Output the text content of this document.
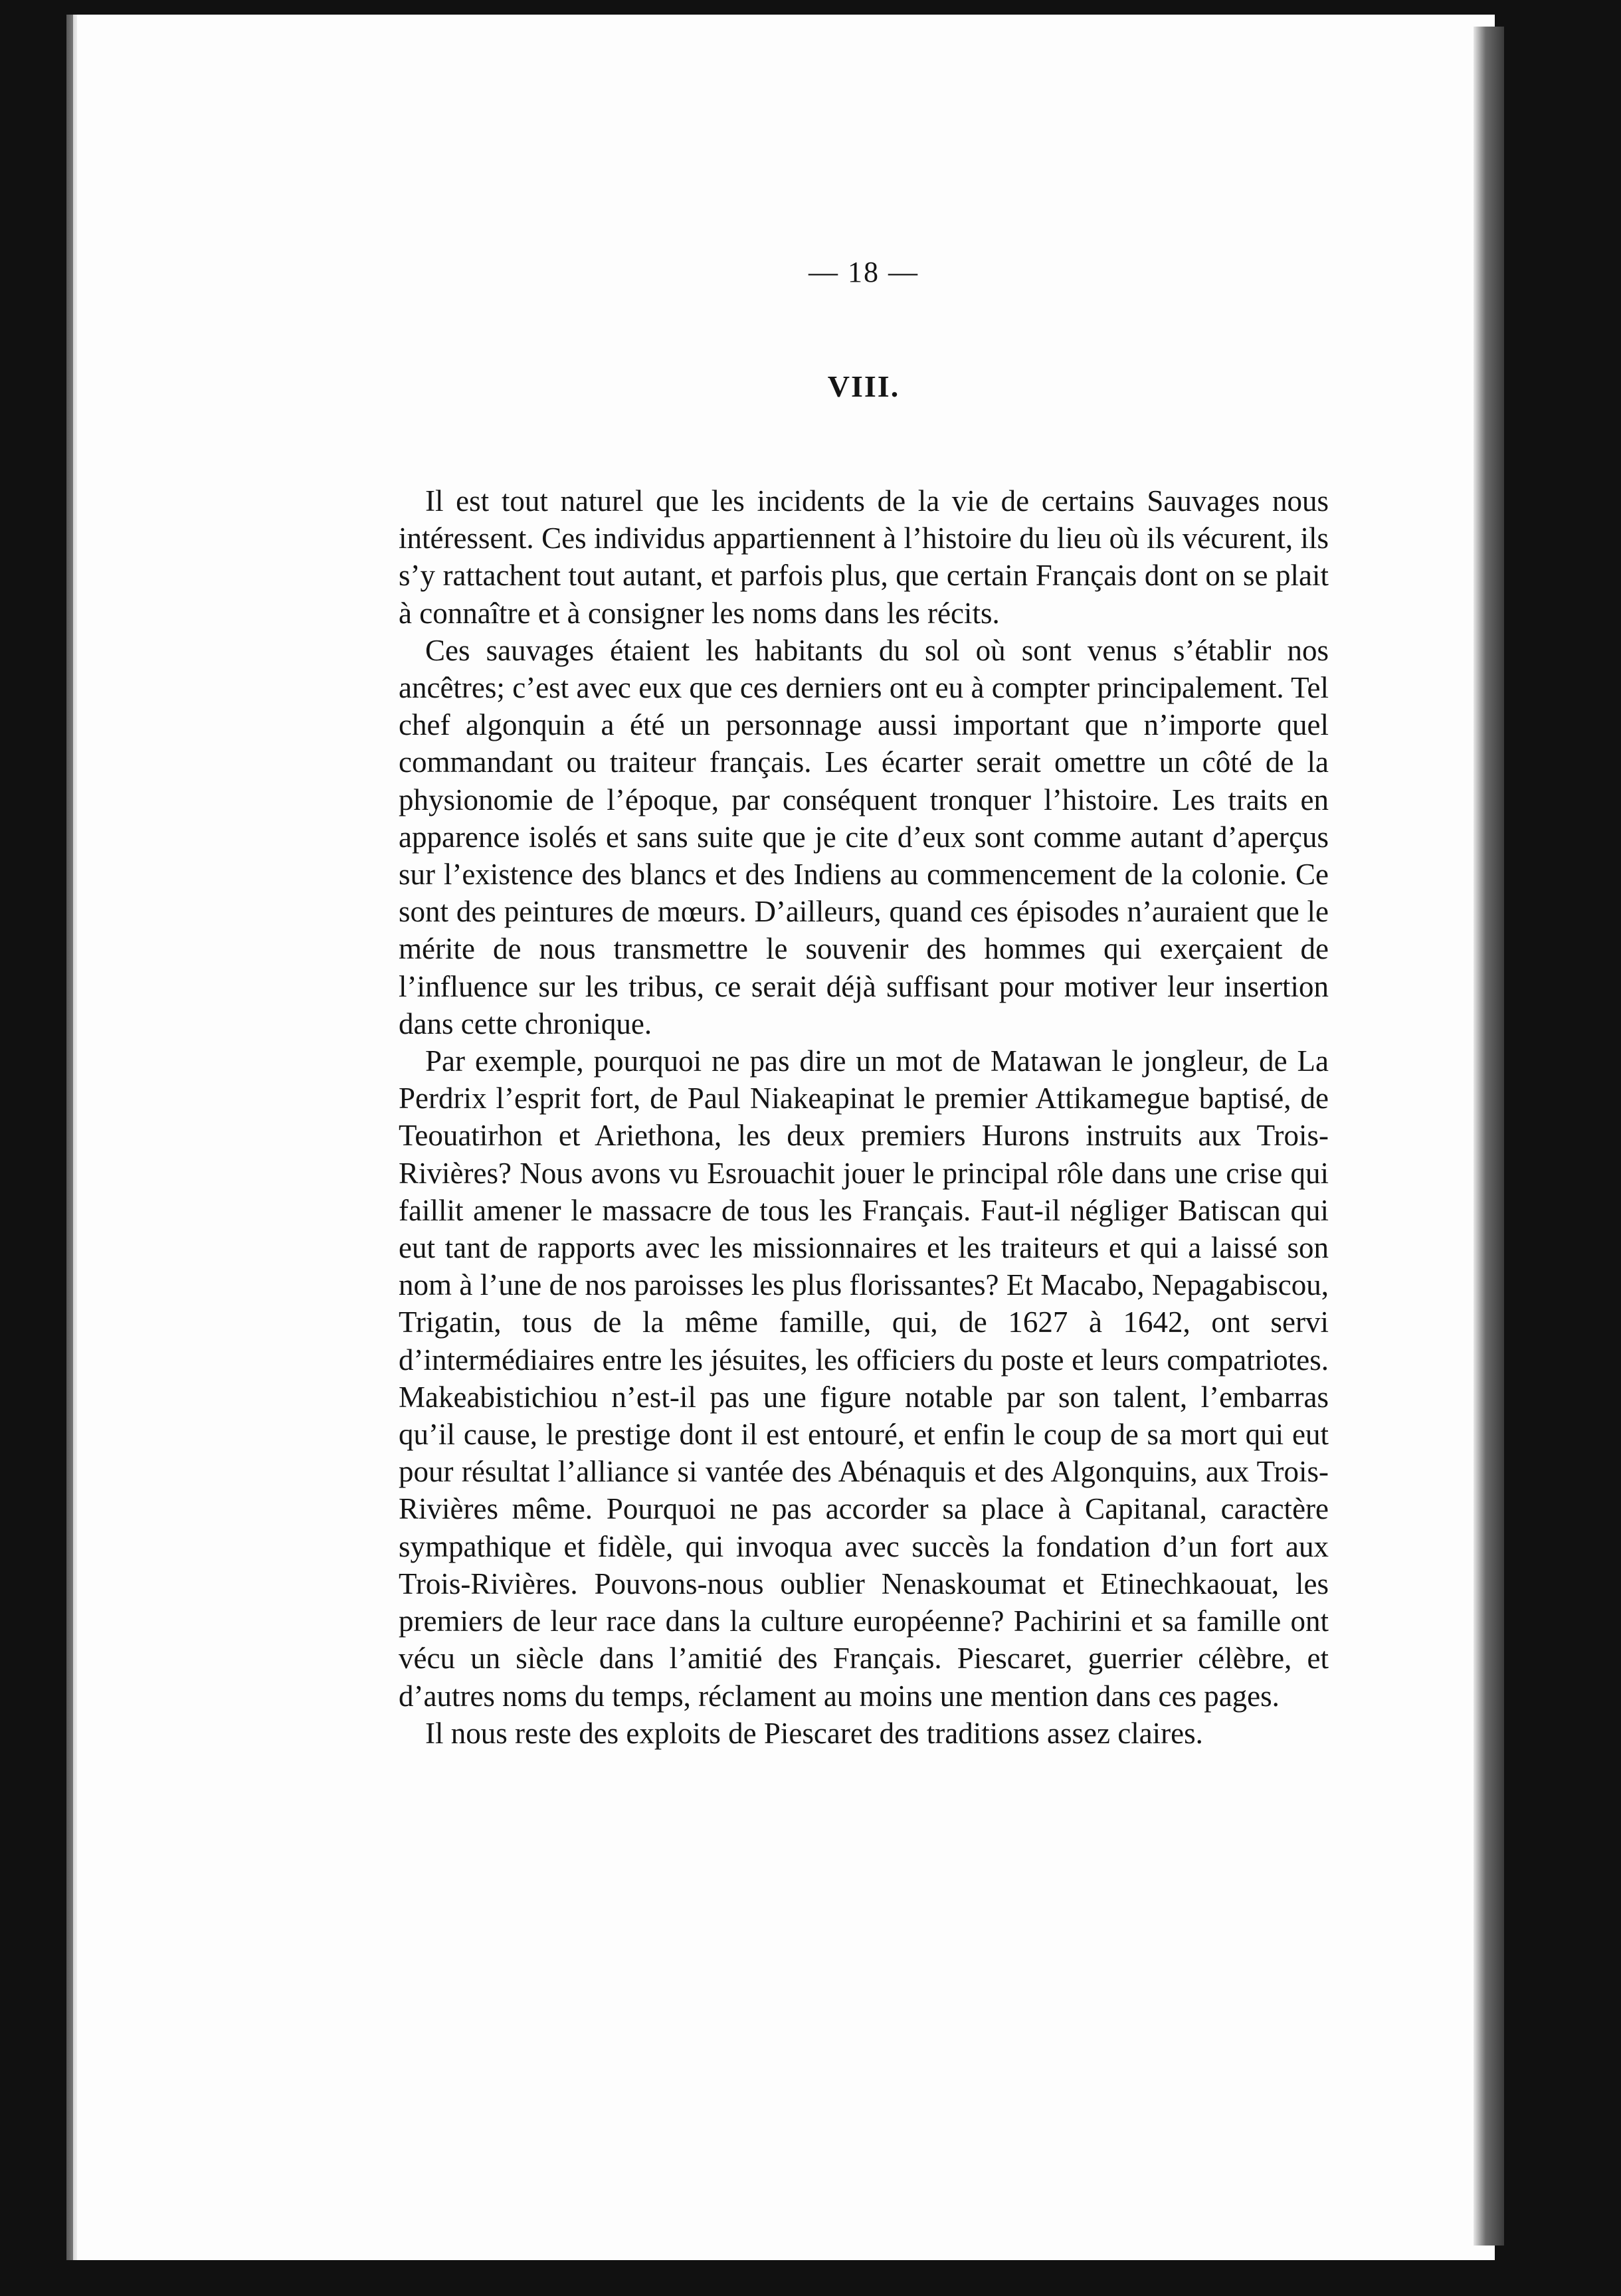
— 18 —

VIII.

Il est tout naturel que les incidents de la vie de certains Sauvages nous intéressent. Ces individus appartiennent à l’histoire du lieu où ils vécurent, ils s’y rattachent tout autant, et parfois plus, que certain Français dont on se plait à connaître et à consigner les noms dans les récits.

Ces sauvages étaient les habitants du sol où sont venus s’établir nos ancêtres; c’est avec eux que ces derniers ont eu à compter principalement. Tel chef algonquin a été un personnage aussi important que n’importe quel commandant ou traiteur français. Les écarter serait omettre un côté de la physionomie de l’époque, par conséquent tronquer l’histoire. Les traits en apparence isolés et sans suite que je cite d’eux sont comme autant d’aperçus sur l’existence des blancs et des Indiens au commencement de la colonie. Ce sont des peintures de mœurs. D’ailleurs, quand ces épisodes n’auraient que le mérite de nous transmettre le souvenir des hommes qui exerçaient de l’influence sur les tribus, ce serait déjà suffisant pour motiver leur insertion dans cette chronique.

Par exemple, pourquoi ne pas dire un mot de Matawan le jongleur, de La Perdrix l’esprit fort, de Paul Niakeapinat le premier Attikamegue baptisé, de Teouatirhon et Ariethona, les deux premiers Hurons instruits aux Trois-Rivières? Nous avons vu Esrouachit jouer le principal rôle dans une crise qui faillit amener le massacre de tous les Français. Faut-il négliger Batiscan qui eut tant de rapports avec les missionnaires et les traiteurs et qui a laissé son nom à l’une de nos paroisses les plus florissantes? Et Macabo, Nepagabiscou, Trigatin, tous de la même famille, qui, de 1627 à 1642, ont servi d’intermédiaires entre les jésuites, les officiers du poste et leurs compatriotes. Makeabistichiou n’est-il pas une figure notable par son talent, l’embarras qu’il cause, le prestige dont il est entouré, et enfin le coup de sa mort qui eut pour résultat l’alliance si vantée des Abénaquis et des Algonquins, aux Trois-Rivières même. Pourquoi ne pas accorder sa place à Capitanal, caractère sympathique et fidèle, qui invoqua avec succès la fondation d’un fort aux Trois-Rivières. Pouvons-nous oublier Nenaskoumat et Etinechkaouat, les premiers de leur race dans la culture européenne? Pachirini et sa famille ont vécu un siècle dans l’amitié des Français. Piescaret, guerrier célèbre, et d’autres noms du temps, réclament au moins une mention dans ces pages.

Il nous reste des exploits de Piescaret des traditions assez claires.
